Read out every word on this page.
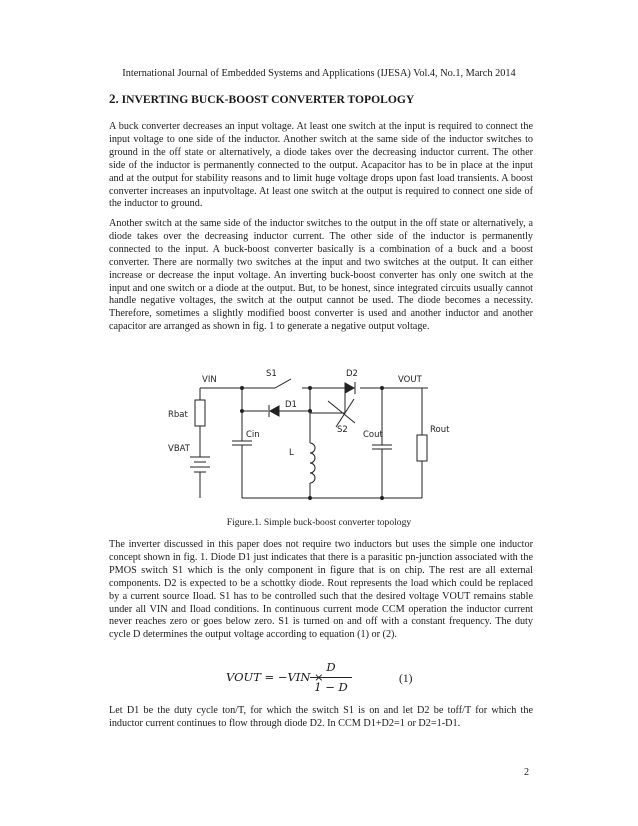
International Journal of Embedded Systems and Applications (IJESA) Vol.4, No.1, March 2014
2. INVERTING BUCK-BOOST CONVERTER TOPOLOGY

A buck converter decreases an input voltage. At least one switch at the input is required to connect the input voltage to one side of the inductor. Another switch at the same side of the inductor switches to ground in the off state or alternatively, a diode takes over the decreasing inductor current. The other side of the inductor is permanently connected to the output. Acapacitor has to be in place at the input and at the output for stability reasons and to limit huge voltage drops upon fast load transients. A boost converter increases an inputvoltage. At least one switch at the output is required to connect one side of the inductor to ground.

Another switch at the same side of the inductor switches to the output in the off state or alternatively, a diode takes over the decreasing inductor current. The other side of the inductor is permanently connected to the input. A buck-boost converter basically is a combination of a buck and a boost converter. There are normally two switches at the input and two switches at the output. It can either increase or decrease the input voltage. An inverting buck-boost converter has only one switch at the input and one switch or a diode at the output. But, to be honest, since integrated circuits usually cannot handle negative voltages, the switch at the output cannot be used. The diode becomes a necessity. Therefore, sometimes a slightly modified boost converter is used and another inductor and another capacitor are arranged as shown in fig. 1 to generate a negative output voltage.

VIN
S1	D2
VOUT
D1
Rbat
VBAT
Cin	S2 Cout	Rout
L
Figure.1. Simple buck-boost converter topology

The inverter discussed in this paper does not require two inductors but uses the simple one inductor concept shown in fig. 1. Diode D1 just indicates that there is a parasitic pn-junction associated with the PMOS switch S1 which is the only component in figure that is on chip. The rest are all external components. D2 is expected to be a schottky diode. Rout represents the load which could be replaced by a current source Iload. S1 has to be controlled such that the desired voltage VOUT remains stable under all VIN and Iload conditions. In continuous current mode CCM operation the inductor current never reaches zero or goes below zero. S1 is turned on and off with a constant frequency. The duty cycle D determines the output voltage according to equation (1) or (2).

VOUT = −VIN ×
D
1 − D
(1)

Let D1 be the duty cycle ton/T, for which the switch S1 is on and let D2 be toff/T for which the inductor current continues to flow through diode D2. In CCM D1+D2=1 or D2=1-D1.

2
